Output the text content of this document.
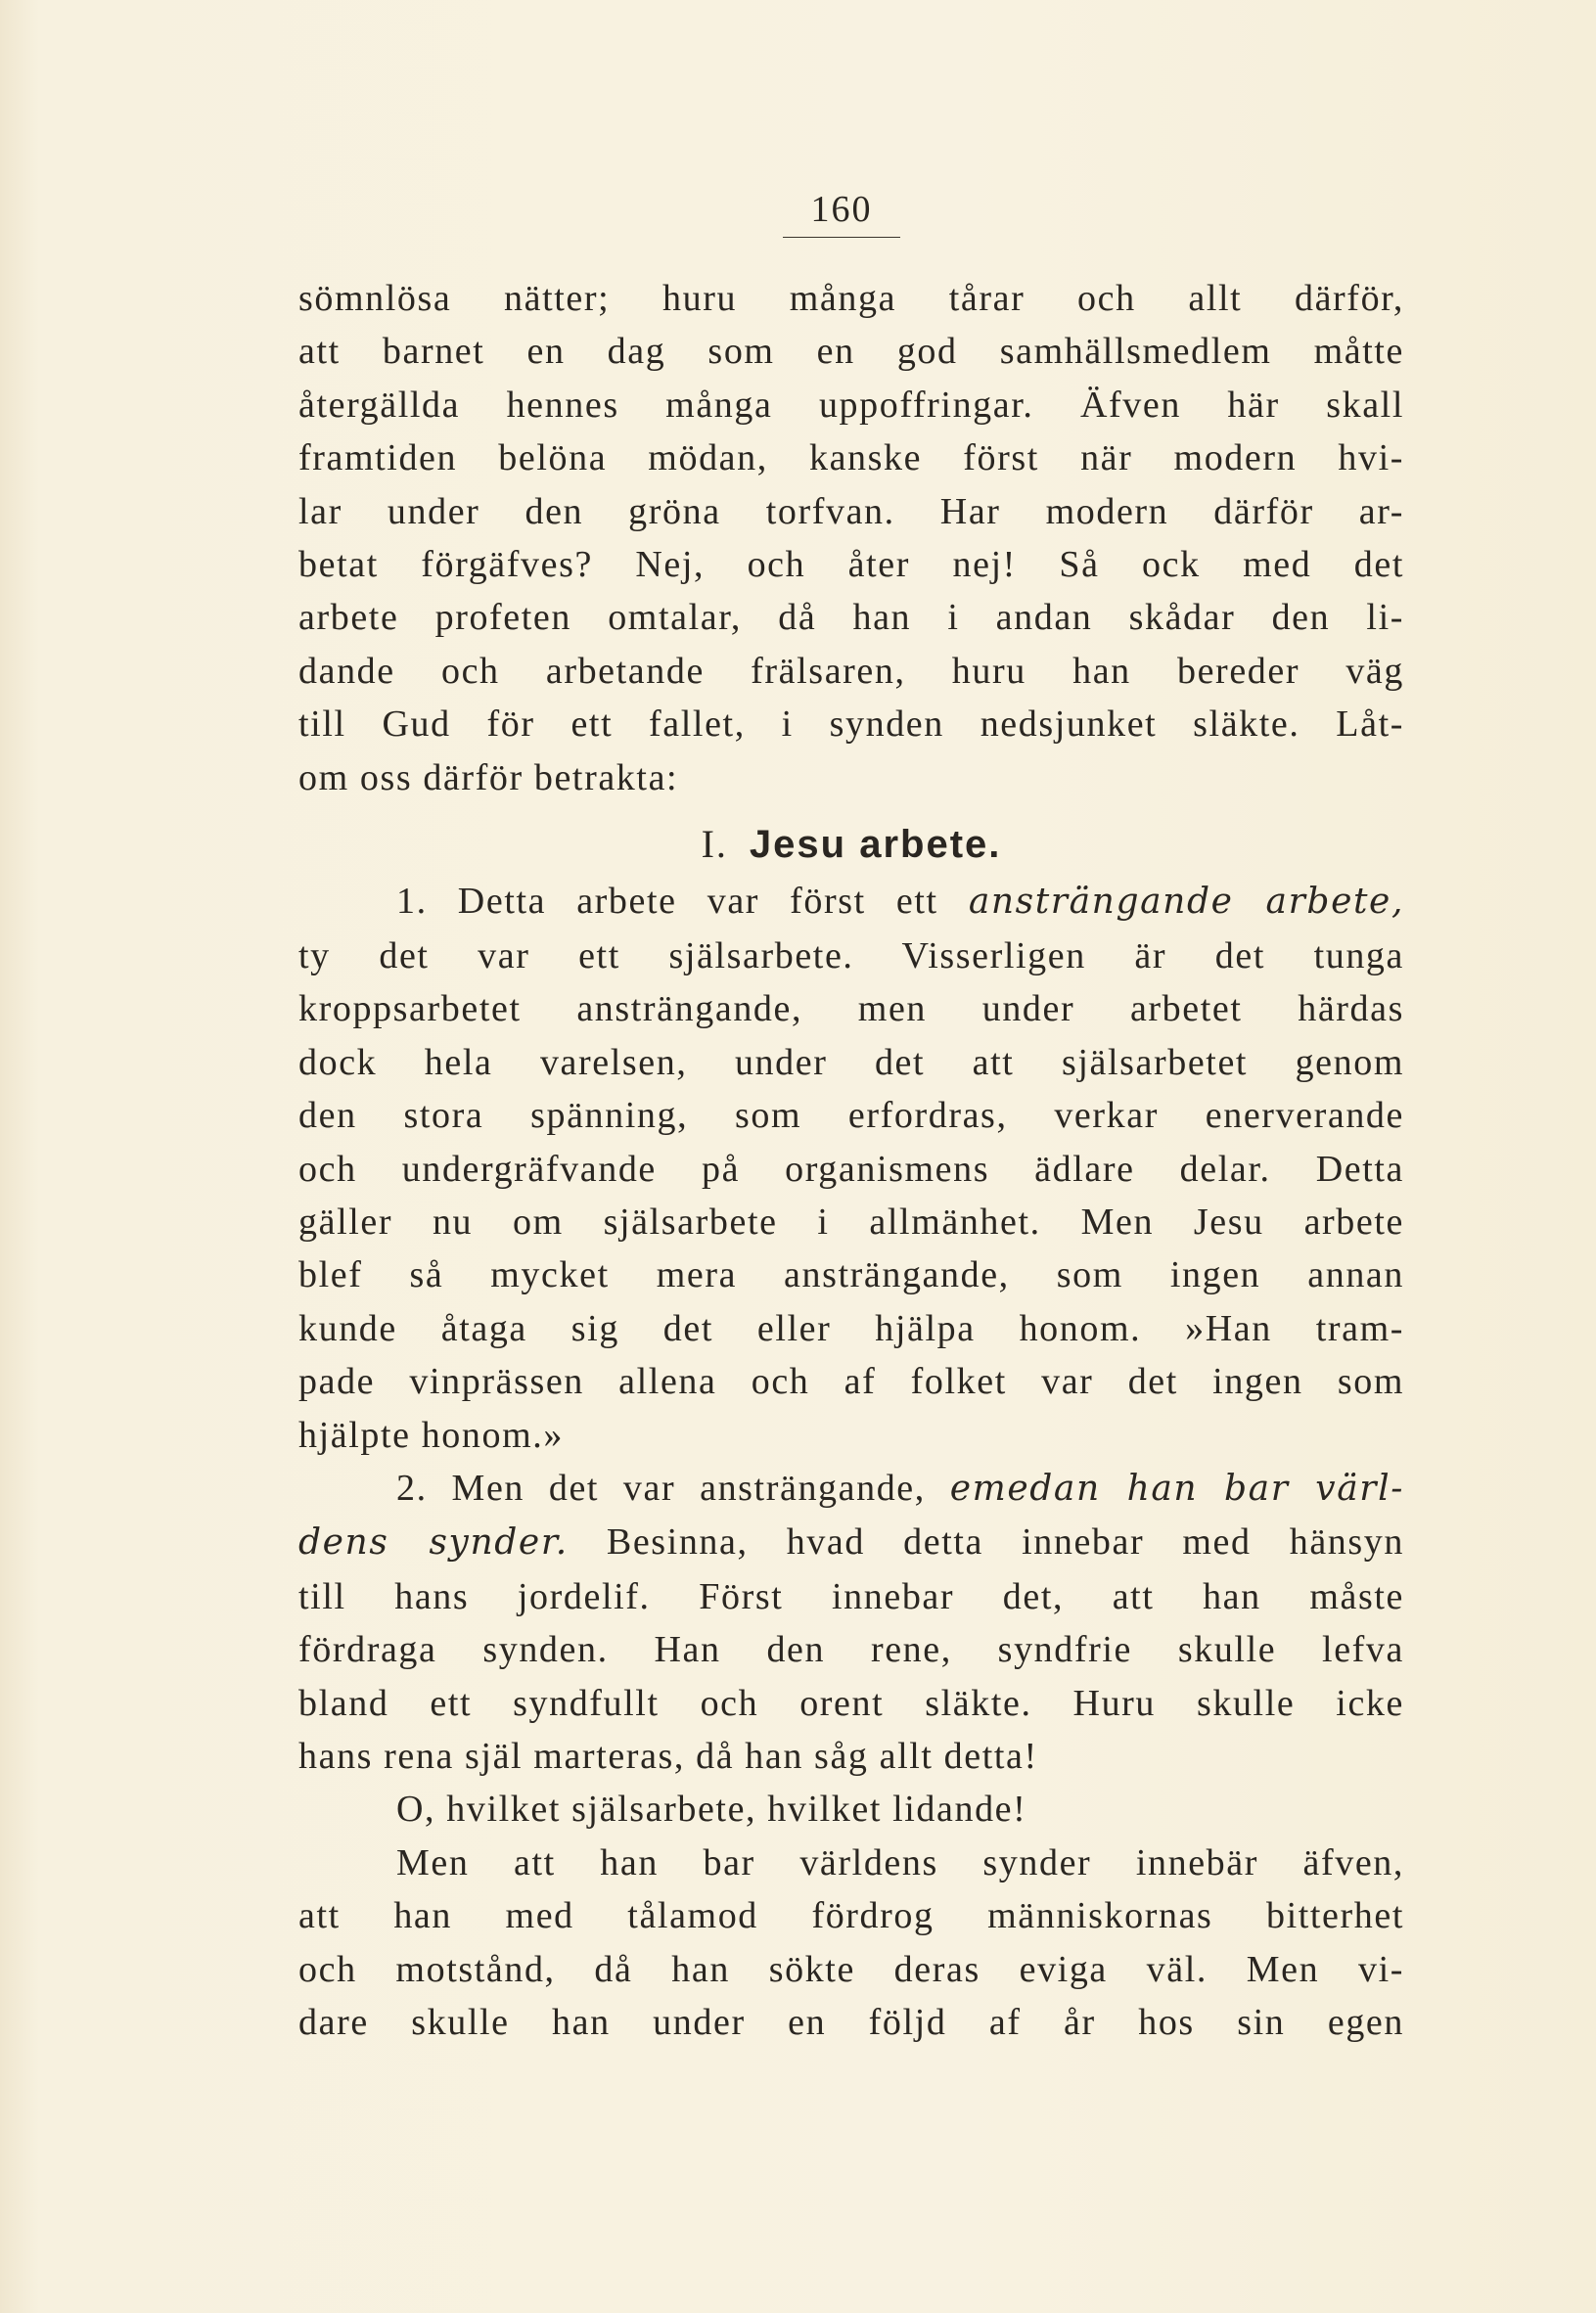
160
sömnlösa nätter; huru många tårar och allt därför,
att barnet en dag som en god samhällsmedlem måtte
återgällda hennes många uppoffringar. Äfven här skall
framtiden belöna mödan, kanske först när modern hvi-
lar under den gröna torfvan. Har modern därför ar-
betat förgäfves? Nej, och åter nej! Så ock med det
arbete profeten omtalar, då han i andan skådar den li-
dande och arbetande frälsaren, huru han bereder väg
till Gud för ett fallet, i synden nedsjunket släkte. Låt-
om oss därför betrakta:
I. Jesu arbete.
1. Detta arbete var först ett ansträngande arbete,
ty det var ett själsarbete. Visserligen är det tunga
kroppsarbetet ansträngande, men under arbetet härdas
dock hela varelsen, under det att själsarbetet genom
den stora spänning, som erfordras, verkar enerverande
och undergräfvande på organismens ädlare delar. Detta
gäller nu om själsarbete i allmänhet. Men Jesu arbete
blef så mycket mera ansträngande, som ingen annan
kunde åtaga sig det eller hjälpa honom. »Han tram-
pade vinprässen allena och af folket var det ingen som
hjälpte honom.»
2. Men det var ansträngande, emedan han bar värl-
dens synder. Besinna, hvad detta innebar med hänsyn
till hans jordelif. Först innebar det, att han måste
fördraga synden. Han den rene, syndfrie skulle lefva
bland ett syndfullt och orent släkte. Huru skulle icke
hans rena själ marteras, då han såg allt detta!
O, hvilket själsarbete, hvilket lidande!
Men att han bar världens synder innebär äfven,
att han med tålamod fördrog människornas bitterhet
och motstånd, då han sökte deras eviga väl. Men vi-
dare skulle han under en följd af år hos sin egen
